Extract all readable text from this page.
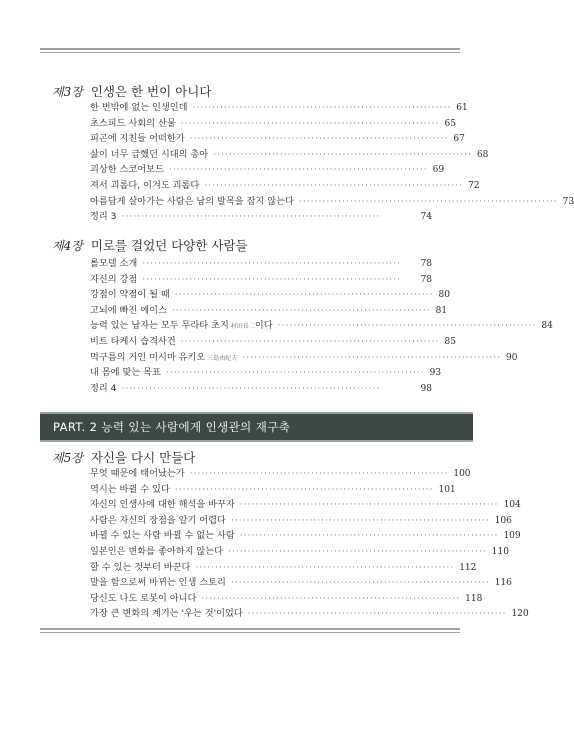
제3장 인생은 한 번이 아니다
한 번밖에 없는 인생인데 ·································································· 61
초스피드 사회의 산물 ·································································· 65
피곤에 지친들 어떠한가 ·································································· 67
삶이 너무 급했던 시대의 총아 ·································································· 68
괴상한 스코어보드 ·································································· 69
져서 괴롭다, 이겨도 괴롭다 ·································································· 72
아름답게 살아가는 사람은 남의 발목을 잡지 않는다 ·································································· 73
정리 3 ··································································	74
제4장 미로를 걸었던 다양한 사람들
롤모델 소개 ··································································	78
자신의 강점 ··································································	78
강점이 약점이 될 때 ·································································· 80
고뇌에 빠진 에이스 ·································································· 81
능력 있는 남자는 모두 무라타 초지 村田長二 이다 ·································································· 84
비트 타케시 습격사건 ·································································· 85
먹구름의 거인 미시마 유키오 三島由紀夫 ·································································· 90
내 몸에 맞는 목표 ·································································· 93
정리 4 ··································································	98
PART. 2 능력 있는 사람에게 인생관의 재구축
제5장 자신을 다시 만들다
무엇 때문에 태어났는가 ·································································· 100
역시는 바뀔 수 있다 ·································································· 101
자신의 인생사에 대한 해석을 바꾸자 ·································································· 104
사람은 자신의 장점을 알기 어렵다 ·································································· 106
바뀔 수 있는 사람 바뀔 수 없는 사람 ·································································· 109
일본인은 변화를 좋아하지 않는다 ·································································· 110
할 수 있는 것부터 바꾼다 ·································································· 112
말을 함으로써 바뀌는 인생 스토리 ·································································· 116
당신도 나도 로봇이 아니다 ·································································· 118
가장 큰 변화의 계기는 '우는 것'이었다 ·································································· 120
